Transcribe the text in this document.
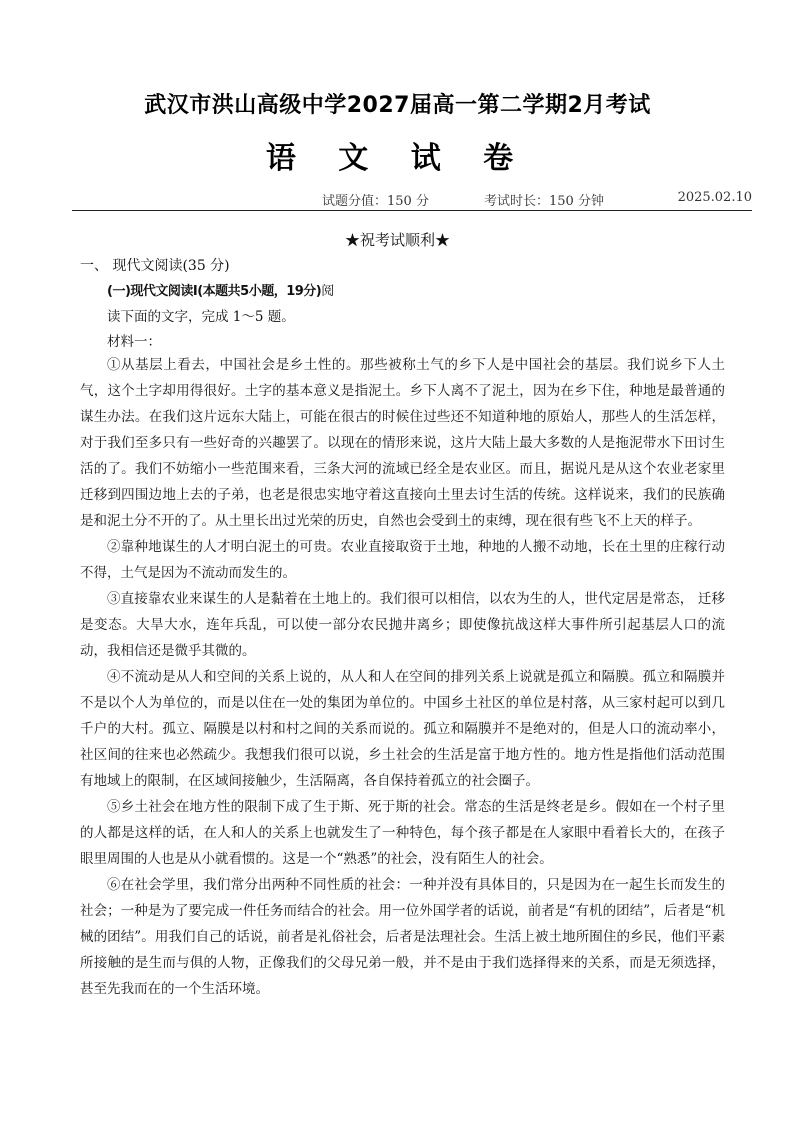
武汉市洪山高级中学2027届高一第二学期2月考试
语 文 试 卷
试题分值：150 分	考试时长：150 分钟	2025.02.10
★祝考试顺利★
一、 现代文阅读(35 分)
(一)现代文阅读Ⅰ(本题共5小题，19分)阅
读下面的文字，完成 1～5 题。
材料一：

①从基层上看去，中国社会是乡土性的。那些被称土气的乡下人是中国社会的基层。我们说乡下人土气，这个土字却用得很好。土字的基本意义是指泥土。乡下人离不了泥土，因为在乡下住，种地是最普通的谋生办法。在我们这片远东大陆上，可能在很古的时候住过些还不知道种地的原始人，那些人的生活怎样，对于我们至多只有一些好奇的兴趣罢了。以现在的情形来说，这片大陆上最大多数的人是拖泥带水下田讨生活的了。我们不妨缩小一些范围来看，三条大河的流域已经全是农业区。而且，据说凡是从这个农业老家里迁移到四围边地上去的子弟，也老是很忠实地守着这直接向土里去讨生活的传统。这样说来，我们的民族确是和泥土分不开的了。从土里长出过光荣的历史，自然也会受到土的束缚，现在很有些飞不上天的样子。

②靠种地谋生的人才明白泥土的可贵。农业直接取资于土地，种地的人搬不动地，长在土里的庄稼行动不得，土气是因为不流动而发生的。

③直接靠农业来谋生的人是黏着在土地上的。我们很可以相信，以农为生的人，世代定居是常态， 迁移是变态。大旱大水，连年兵乱，可以使一部分农民抛井离乡；即使像抗战这样大事件所引起基层人口的流动，我相信还是微乎其微的。

④不流动是从人和空间的关系上说的，从人和人在空间的排列关系上说就是孤立和隔膜。孤立和隔膜并不是以个人为单位的，而是以住在一处的集团为单位的。中国乡土社区的单位是村落，从三家村起可以到几千户的大村。孤立、隔膜是以村和村之间的关系而说的。孤立和隔膜并不是绝对的，但是人口的流动率小，社区间的往来也必然疏少。我想我们很可以说，乡土社会的生活是富于地方性的。地方性是指他们活动范围有地域上的限制，在区域间接触少，生活隔离，各自保持着孤立的社会圈子。

⑤乡土社会在地方性的限制下成了生于斯、死于斯的社会。常态的生活是终老是乡。假如在一个村子里的人都是这样的话，在人和人的关系上也就发生了一种特色，每个孩子都是在人家眼中看着长大的，在孩子眼里周围的人也是从小就看惯的。这是一个“熟悉”的社会，没有陌生人的社会。

⑥在社会学里，我们常分出两种不同性质的社会：一种并没有具体目的，只是因为在一起生长而发生的社会；一种是为了要完成一件任务而结合的社会。用一位外国学者的话说，前者是“有机的团结”，后者是“机械的团结”。用我们自己的话说，前者是礼俗社会，后者是法理社会。生活上被土地所囿住的乡民，他们平素所接触的是生而与俱的人物，正像我们的父母兄弟一般，并不是由于我们选择得来的关系，而是无须选择，甚至先我而在的一个生活环境。
